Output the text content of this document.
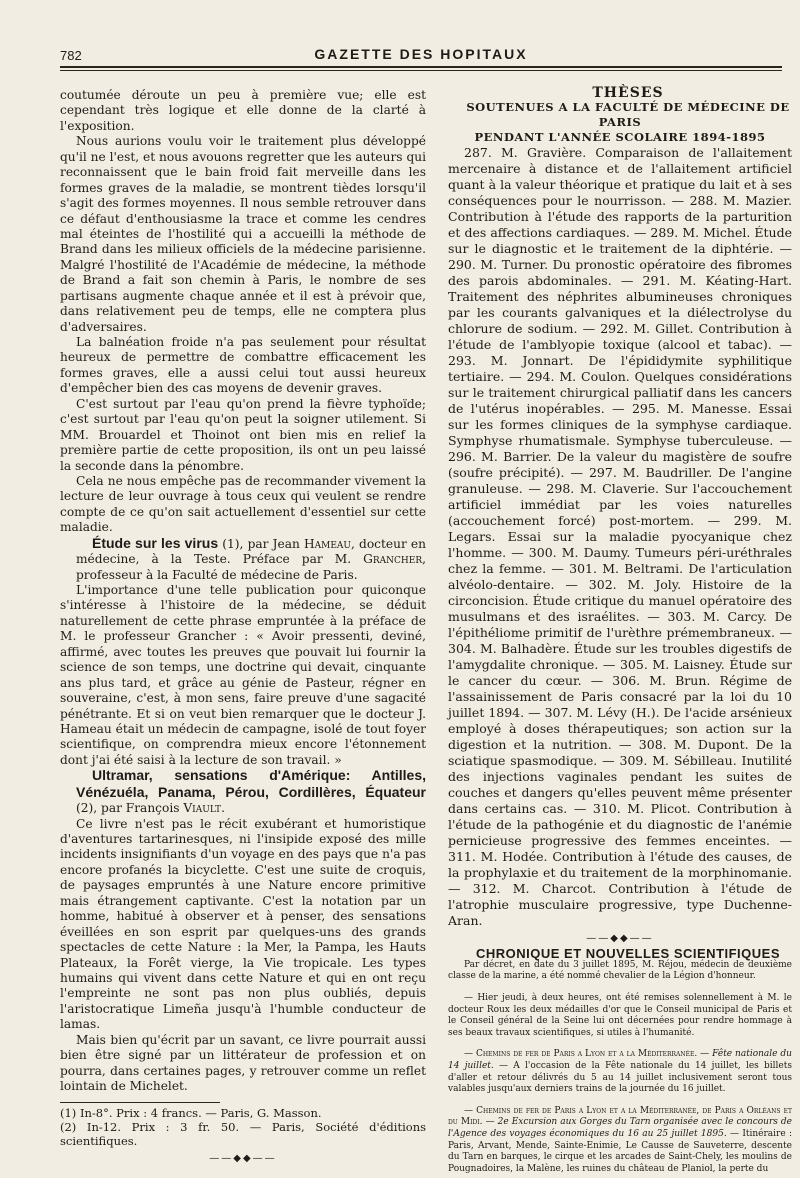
782	GAZETTE DES HOPITAUX

coutumée déroute un peu à première vue; elle est cependant très logique et elle donne de la clarté à l'exposition.

Nous aurions voulu voir le traitement plus développé qu'il ne l'est, et nous avouons regretter que les auteurs qui reconnaissent que le bain froid fait merveille dans les formes graves de la maladie, se montrent tièdes lorsqu'il s'agit des formes moyennes. Il nous semble retrouver dans ce défaut d'enthousiasme la trace et comme les cendres mal éteintes de l'hostilité qui a accueilli la méthode de Brand dans les milieux officiels de la médecine parisienne. Malgré l'hostilité de l'Académie de médecine, la méthode de Brand a fait son chemin à Paris, le nombre de ses partisans augmente chaque année et il est à prévoir que, dans relativement peu de temps, elle ne comptera plus d'adversaires.

La balnéation froide n'a pas seulement pour résultat heureux de permettre de combattre efficacement les formes graves, elle a aussi celui tout aussi heureux d'empêcher bien des cas moyens de devenir graves.

C'est surtout par l'eau qu'on prend la fièvre typhoïde; c'est surtout par l'eau qu'on peut la soigner utilement. Si MM. Brouardel et Thoinot ont bien mis en relief la première partie de cette proposition, ils ont un peu laissé la seconde dans la pénombre.

Cela ne nous empêche pas de recommander vivement la lecture de leur ouvrage à tous ceux qui veulent se rendre compte de ce qu'on sait actuellement d'essentiel sur cette maladie.

Étude sur les virus (1), par Jean Hameau, docteur en médecine, à la Teste. Préface par M. Grancher, professeur à la Faculté de médecine de Paris.

L'importance d'une telle publication pour quiconque s'intéresse à l'histoire de la médecine, se déduit naturellement de cette phrase empruntée à la préface de M. le professeur Grancher : « Avoir pressenti, deviné, affirmé, avec toutes les preuves que pouvait lui fournir la science de son temps, une doctrine qui devait, cinquante ans plus tard, et grâce au génie de Pasteur, régner en souveraine, c'est, à mon sens, faire preuve d'une sagacité pénétrante. Et si on veut bien remarquer que le docteur J. Hameau était un médecin de campagne, isolé de tout foyer scientifique, on comprendra mieux encore l'étonnement dont j'ai été saisi à la lecture de son travail. »

Ultramar, sensations d'Amérique: Antilles, Vénézuéla, Panama, Pérou, Cordillères, Équateur (2), par François Viault.

Ce livre n'est pas le récit exubérant et humoristique d'aventures tartarinesques, ni l'insipide exposé des mille incidents insignifiants d'un voyage en des pays que n'a pas encore profanés la bicyclette. C'est une suite de croquis, de paysages empruntés à une Nature encore primitive mais étrangement captivante. C'est la notation par un homme, habitué à observer et à penser, des sensations éveillées en son esprit par quelques-uns des grands spectacles de cette Nature : la Mer, la Pampa, les Hauts Plateaux, la Forêt vierge, la Vie tropicale. Les types humains qui vivent dans cette Nature et qui en ont reçu l'empreinte ne sont pas non plus oubliés, depuis l'aristocratique Limeña jusqu'à l'humble conducteur de lamas.

Mais bien qu'écrit par un savant, ce livre pourrait aussi bien être signé par un littérateur de profession et on pourra, dans certaines pages, y retrouver comme un reflet lointain de Michelet.

(1) In-8°. Prix : 4 francs. — Paris, G. Masson.
(2) In-12. Prix : 3 fr. 50. — Paris, Société d'éditions scientifiques.
——◆◆——

THÈSES

SOUTENUES A LA FACULTÉ DE MÉDECINE DE PARIS
PENDANT L'ANNÉE SCOLAIRE 1894-1895

287. M. Gravière. Comparaison de l'allaitement mercenaire à distance et de l'allaitement artificiel quant à la valeur théorique et pratique du lait et à ses conséquences pour le nourrisson. — 288. M. Mazier. Contribution à l'étude des rapports de la parturition et des affections cardiaques. — 289. M. Michel. Étude sur le diagnostic et le traitement de la diphtérie. — 290. M. Turner. Du pronostic opératoire des fibromes des parois abdominales. — 291. M. Kéating-Hart. Traitement des néphrites albumineuses chroniques par les courants galvaniques et la diélectrolyse du chlorure de sodium. — 292. M. Gillet. Contribution à l'étude de l'amblyopie toxique (alcool et tabac). — 293. M. Jonnart. De l'épididymite syphilitique tertiaire. — 294. M. Coulon. Quelques considérations sur le traitement chirurgical palliatif dans les cancers de l'utérus inopérables. — 295. M. Manesse. Essai sur les formes cliniques de la symphyse cardiaque. Symphyse rhumatismale. Symphyse tuberculeuse. — 296. M. Barrier. De la valeur du magistère de soufre (soufre précipité). — 297. M. Baudriller. De l'angine granuleuse. — 298. M. Claverie. Sur l'accouchement artificiel immédiat par les voies naturelles (accouchement forcé) post-mortem. — 299. M. Legars. Essai sur la maladie pyocyanique chez l'homme. — 300. M. Daumy. Tumeurs péri-uréthrales chez la femme. — 301. M. Beltrami. De l'articulation alvéolo-dentaire. — 302. M. Joly. Histoire de la circoncision. Étude critique du manuel opératoire des musulmans et des israélites. — 303. M. Carcy. De l'épithéliome primitif de l'urèthre prémembraneux. — 304. M. Balhadère. Étude sur les troubles digestifs de l'amygdalite chronique. — 305. M. Laisney. Étude sur le cancer du cœur. — 306. M. Brun. Régime de l'assainissement de Paris consacré par la loi du 10 juillet 1894. — 307. M. Lévy (H.). De l'acide arsénieux employé à doses thérapeutiques; son action sur la digestion et la nutrition. — 308. M. Dupont. De la sciatique spasmodique. — 309. M. Sébilleau. Inutilité des injections vaginales pendant les suites de couches et dangers qu'elles peuvent même présenter dans certains cas. — 310. M. Plicot. Contribution à l'étude de la pathogénie et du diagnostic de l'anémie pernicieuse progressive des femmes enceintes. — 311. M. Hodée. Contribution à l'étude des causes, de la prophylaxie et du traitement de la morphinomanie. — 312. M. Charcot. Contribution à l'étude de l'atrophie musculaire progressive, type Duchenne-Aran.

——◆◆——

CHRONIQUE ET NOUVELLES SCIENTIFIQUES

Par décret, en date du 3 juillet 1895, M. Réjou, médecin de deuxième classe de la marine, a été nommé chevalier de la Légion d'honneur.

— Hier jeudi, à deux heures, ont été remises solennellement à M. le docteur Roux les deux médailles d'or que le Conseil municipal de Paris et le Conseil général de la Seine lui ont décernées pour rendre hommage à ses beaux travaux scientifiques, si utiles à l'humanité.

— Chemins de fer de Paris a Lyon et a la Méditerranée. — Fête nationale du 14 juillet. — A l'occasion de la Fête nationale du 14 juillet, les billets d'aller et retour délivrés du 5 au 14 juillet inclusivement seront tous valables jusqu'aux derniers trains de la journée du 16 juillet.

— Chemins de fer de Paris a Lyon et a la Méditerranée, de Paris a Orléans et du Midi. — 2e Excursion aux Gorges du Tarn organisée avec le concours de l'Agence des voyages économiques du 16 au 25 juillet 1895. — Itinéraire : Paris, Arvant, Mende, Sainte-Enimie, Le Causse de Sauveterre, descente du Tarn en barques, le cirque et les arcades de Saint-Chely, les moulins de Pougnadoires, la Malène, les ruines du château de Planiol, la perte du
